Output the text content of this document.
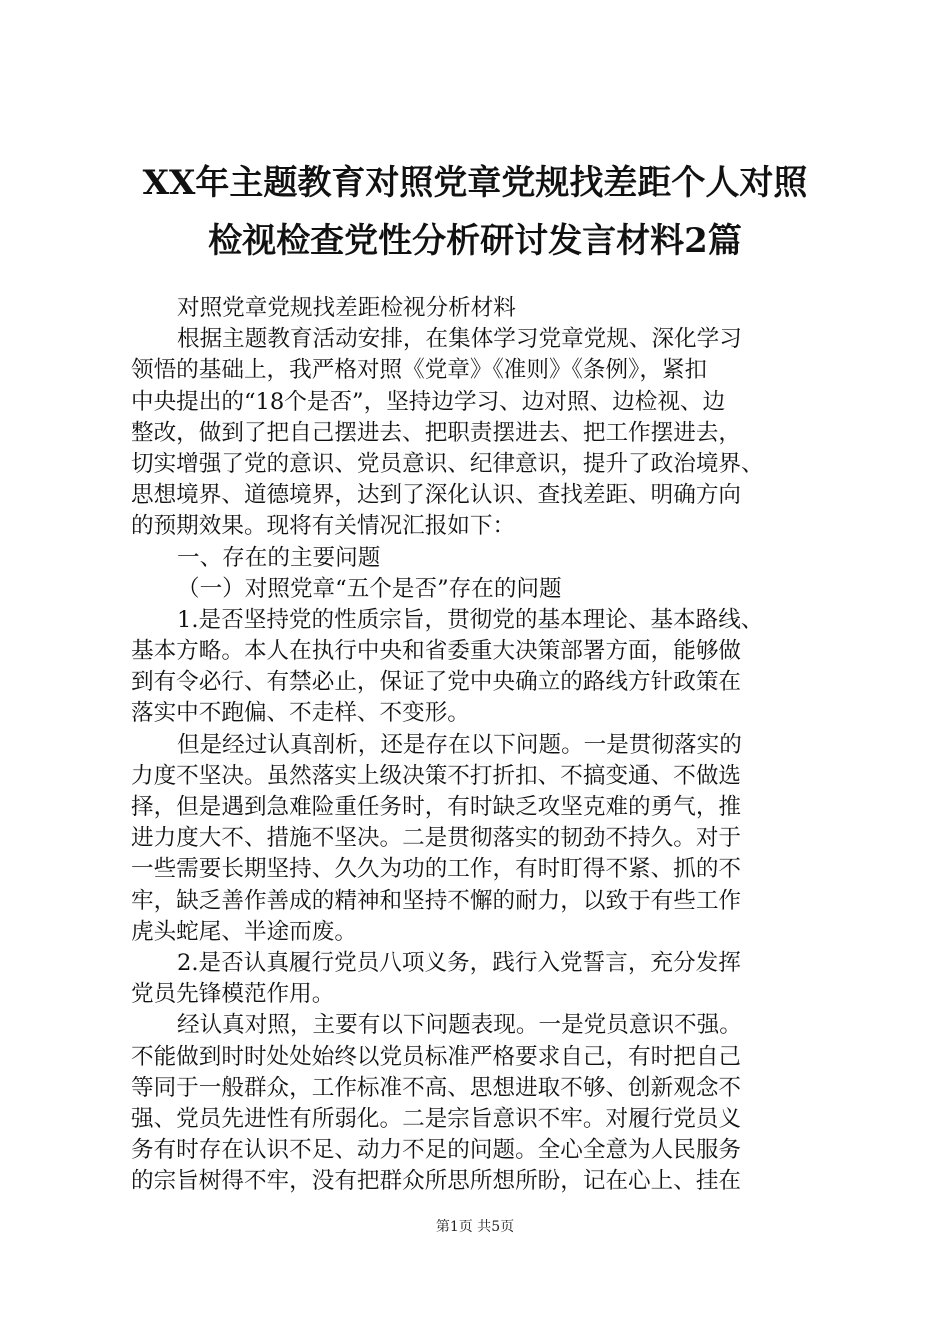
XX年主题教育对照党章党规找差距个人对照
检视检查党性分析研讨发言材料2篇
对照党章党规找差距检视分析材料
根据主题教育活动安排，在集体学习党章党规、深化学习
领悟的基础上，我严格对照《党章》《准则》《条例》，紧扣
中央提出的“18个是否”，坚持边学习、边对照、边检视、边
整改，做到了把自己摆进去、把职责摆进去、把工作摆进去，
切实增强了党的意识、党员意识、纪律意识，提升了政治境界、
思想境界、道德境界，达到了深化认识、查找差距、明确方向
的预期效果。现将有关情况汇报如下：
一、存在的主要问题
（一）对照党章“五个是否”存在的问题
1.是否坚持党的性质宗旨，贯彻党的基本理论、基本路线、
基本方略。本人在执行中央和省委重大决策部署方面，能够做
到有令必行、有禁必止，保证了党中央确立的路线方针政策在
落实中不跑偏、不走样、不变形。
但是经过认真剖析，还是存在以下问题。一是贯彻落实的
力度不坚决。虽然落实上级决策不打折扣、不搞变通、不做选
择，但是遇到急难险重任务时，有时缺乏攻坚克难的勇气，推
进力度大不、措施不坚决。二是贯彻落实的韧劲不持久。对于
一些需要长期坚持、久久为功的工作，有时盯得不紧、抓的不
牢，缺乏善作善成的精神和坚持不懈的耐力，以致于有些工作
虎头蛇尾、半途而废。
2.是否认真履行党员八项义务，践行入党誓言，充分发挥
党员先锋模范作用。
经认真对照，主要有以下问题表现。一是党员意识不强。
不能做到时时处处始终以党员标准严格要求自己，有时把自己
等同于一般群众，工作标准不高、思想进取不够、创新观念不
强、党员先进性有所弱化。二是宗旨意识不牢。对履行党员义
务有时存在认识不足、动力不足的问题。全心全意为人民服务
的宗旨树得不牢，没有把群众所思所想所盼，记在心上、挂在
第1页 共5页
